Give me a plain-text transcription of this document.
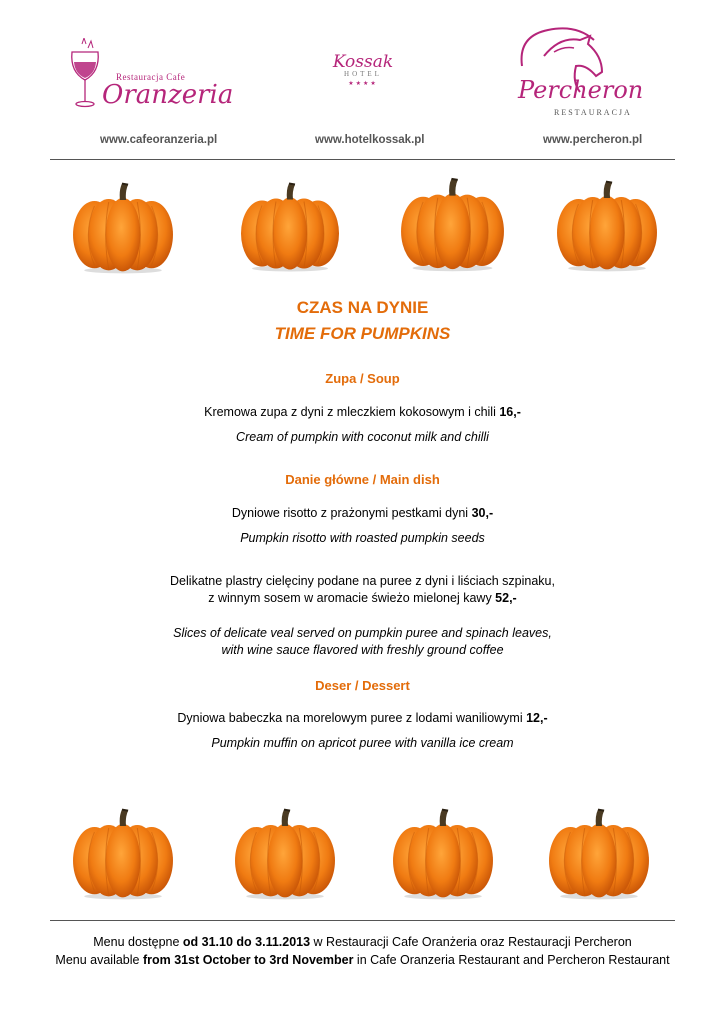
Restauracja Cafe
Oranzeria
Kossak
HOTEL
★★★★	Percheron
RESTAURACJA
www.cafeoranzeria.pl	www.hotelkossak.pl	www.percheron.pl
CZAS NA DYNIE
TIME FOR PUMPKINS
Zupa / Soup
Kremowa zupa z dyni z mleczkiem kokosowym i chili 16,-
Cream of pumpkin with coconut milk and chilli
Danie główne / Main dish
Dyniowe risotto z prażonymi pestkami dyni 30,-
Pumpkin risotto with roasted pumpkin seeds
Delikatne plastry cielęciny podane na puree z dyni i liściach szpinaku,
z winnym sosem w aromacie świeżo mielonej kawy 52,-
Slices of delicate veal served on pumpkin puree and spinach leaves,
with wine sauce flavored with freshly ground coffee
Deser / Dessert
Dyniowa babeczka na morelowym puree z lodami waniliowymi 12,-
Pumpkin muffin on apricot puree with vanilla ice cream
Menu dostępne od 31.10 do 3.11.2013 w Restauracji Cafe Oranżeria oraz Restauracji Percheron
Menu available from 31st October to 3rd November in Cafe Oranzeria Restaurant and Percheron Restaurant
